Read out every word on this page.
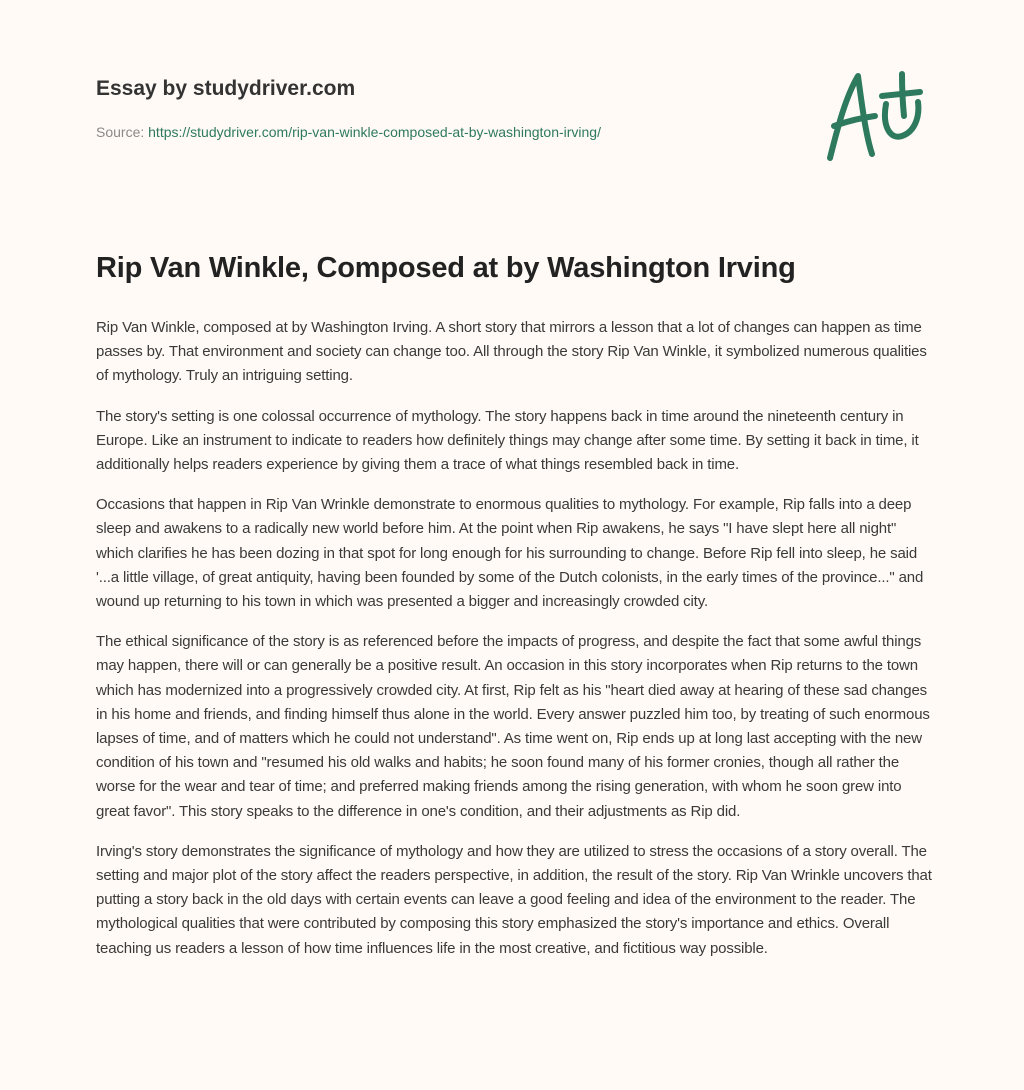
Essay by studydriver.com
Source: https://studydriver.com/rip-van-winkle-composed-at-by-washington-irving/
Rip Van Winkle, Composed at by Washington Irving

Rip Van Winkle, composed at by Washington Irving. A short story that mirrors a lesson that a lot of changes can happen as time passes by. That environment and society can change too. All through the story Rip Van Winkle, it symbolized numerous qualities of mythology. Truly an intriguing setting.

The story's setting is one colossal occurrence of mythology. The story happens back in time around the nineteenth century in Europe. Like an instrument to indicate to readers how definitely things may change after some time. By setting it back in time, it additionally helps readers experience by giving them a trace of what things resembled back in time.

Occasions that happen in Rip Van Wrinkle demonstrate to enormous qualities to mythology. For example, Rip falls into a deep sleep and awakens to a radically new world before him. At the point when Rip awakens, he says "I have slept here all night" which clarifies he has been dozing in that spot for long enough for his surrounding to change. Before Rip fell into sleep, he said '...a little village, of great antiquity, having been founded by some of the Dutch colonists, in the early times of the province..." and wound up returning to his town in which was presented a bigger and increasingly crowded city.

The ethical significance of the story is as referenced before the impacts of progress, and despite the fact that some awful things may happen, there will or can generally be a positive result. An occasion in this story incorporates when Rip returns to the town which has modernized into a progressively crowded city. At first, Rip felt as his "heart died away at hearing of these sad changes in his home and friends, and finding himself thus alone in the world. Every answer puzzled him too, by treating of such enormous lapses of time, and of matters which he could not understand". As time went on, Rip ends up at long last accepting with the new condition of his town and "resumed his old walks and habits; he soon found many of his former cronies, though all rather the worse for the wear and tear of time; and preferred making friends among the rising generation, with whom he soon grew into great favor". This story speaks to the difference in one's condition, and their adjustments as Rip did.

Irving's story demonstrates the significance of mythology and how they are utilized to stress the occasions of a story overall. The setting and major plot of the story affect the readers perspective, in addition, the result of the story. Rip Van Wrinkle uncovers that putting a story back in the old days with certain events can leave a good feeling and idea of the environment to the reader. The mythological qualities that were contributed by composing this story emphasized the story's importance and ethics. Overall teaching us readers a lesson of how time influences life in the most creative, and fictitious way possible.
